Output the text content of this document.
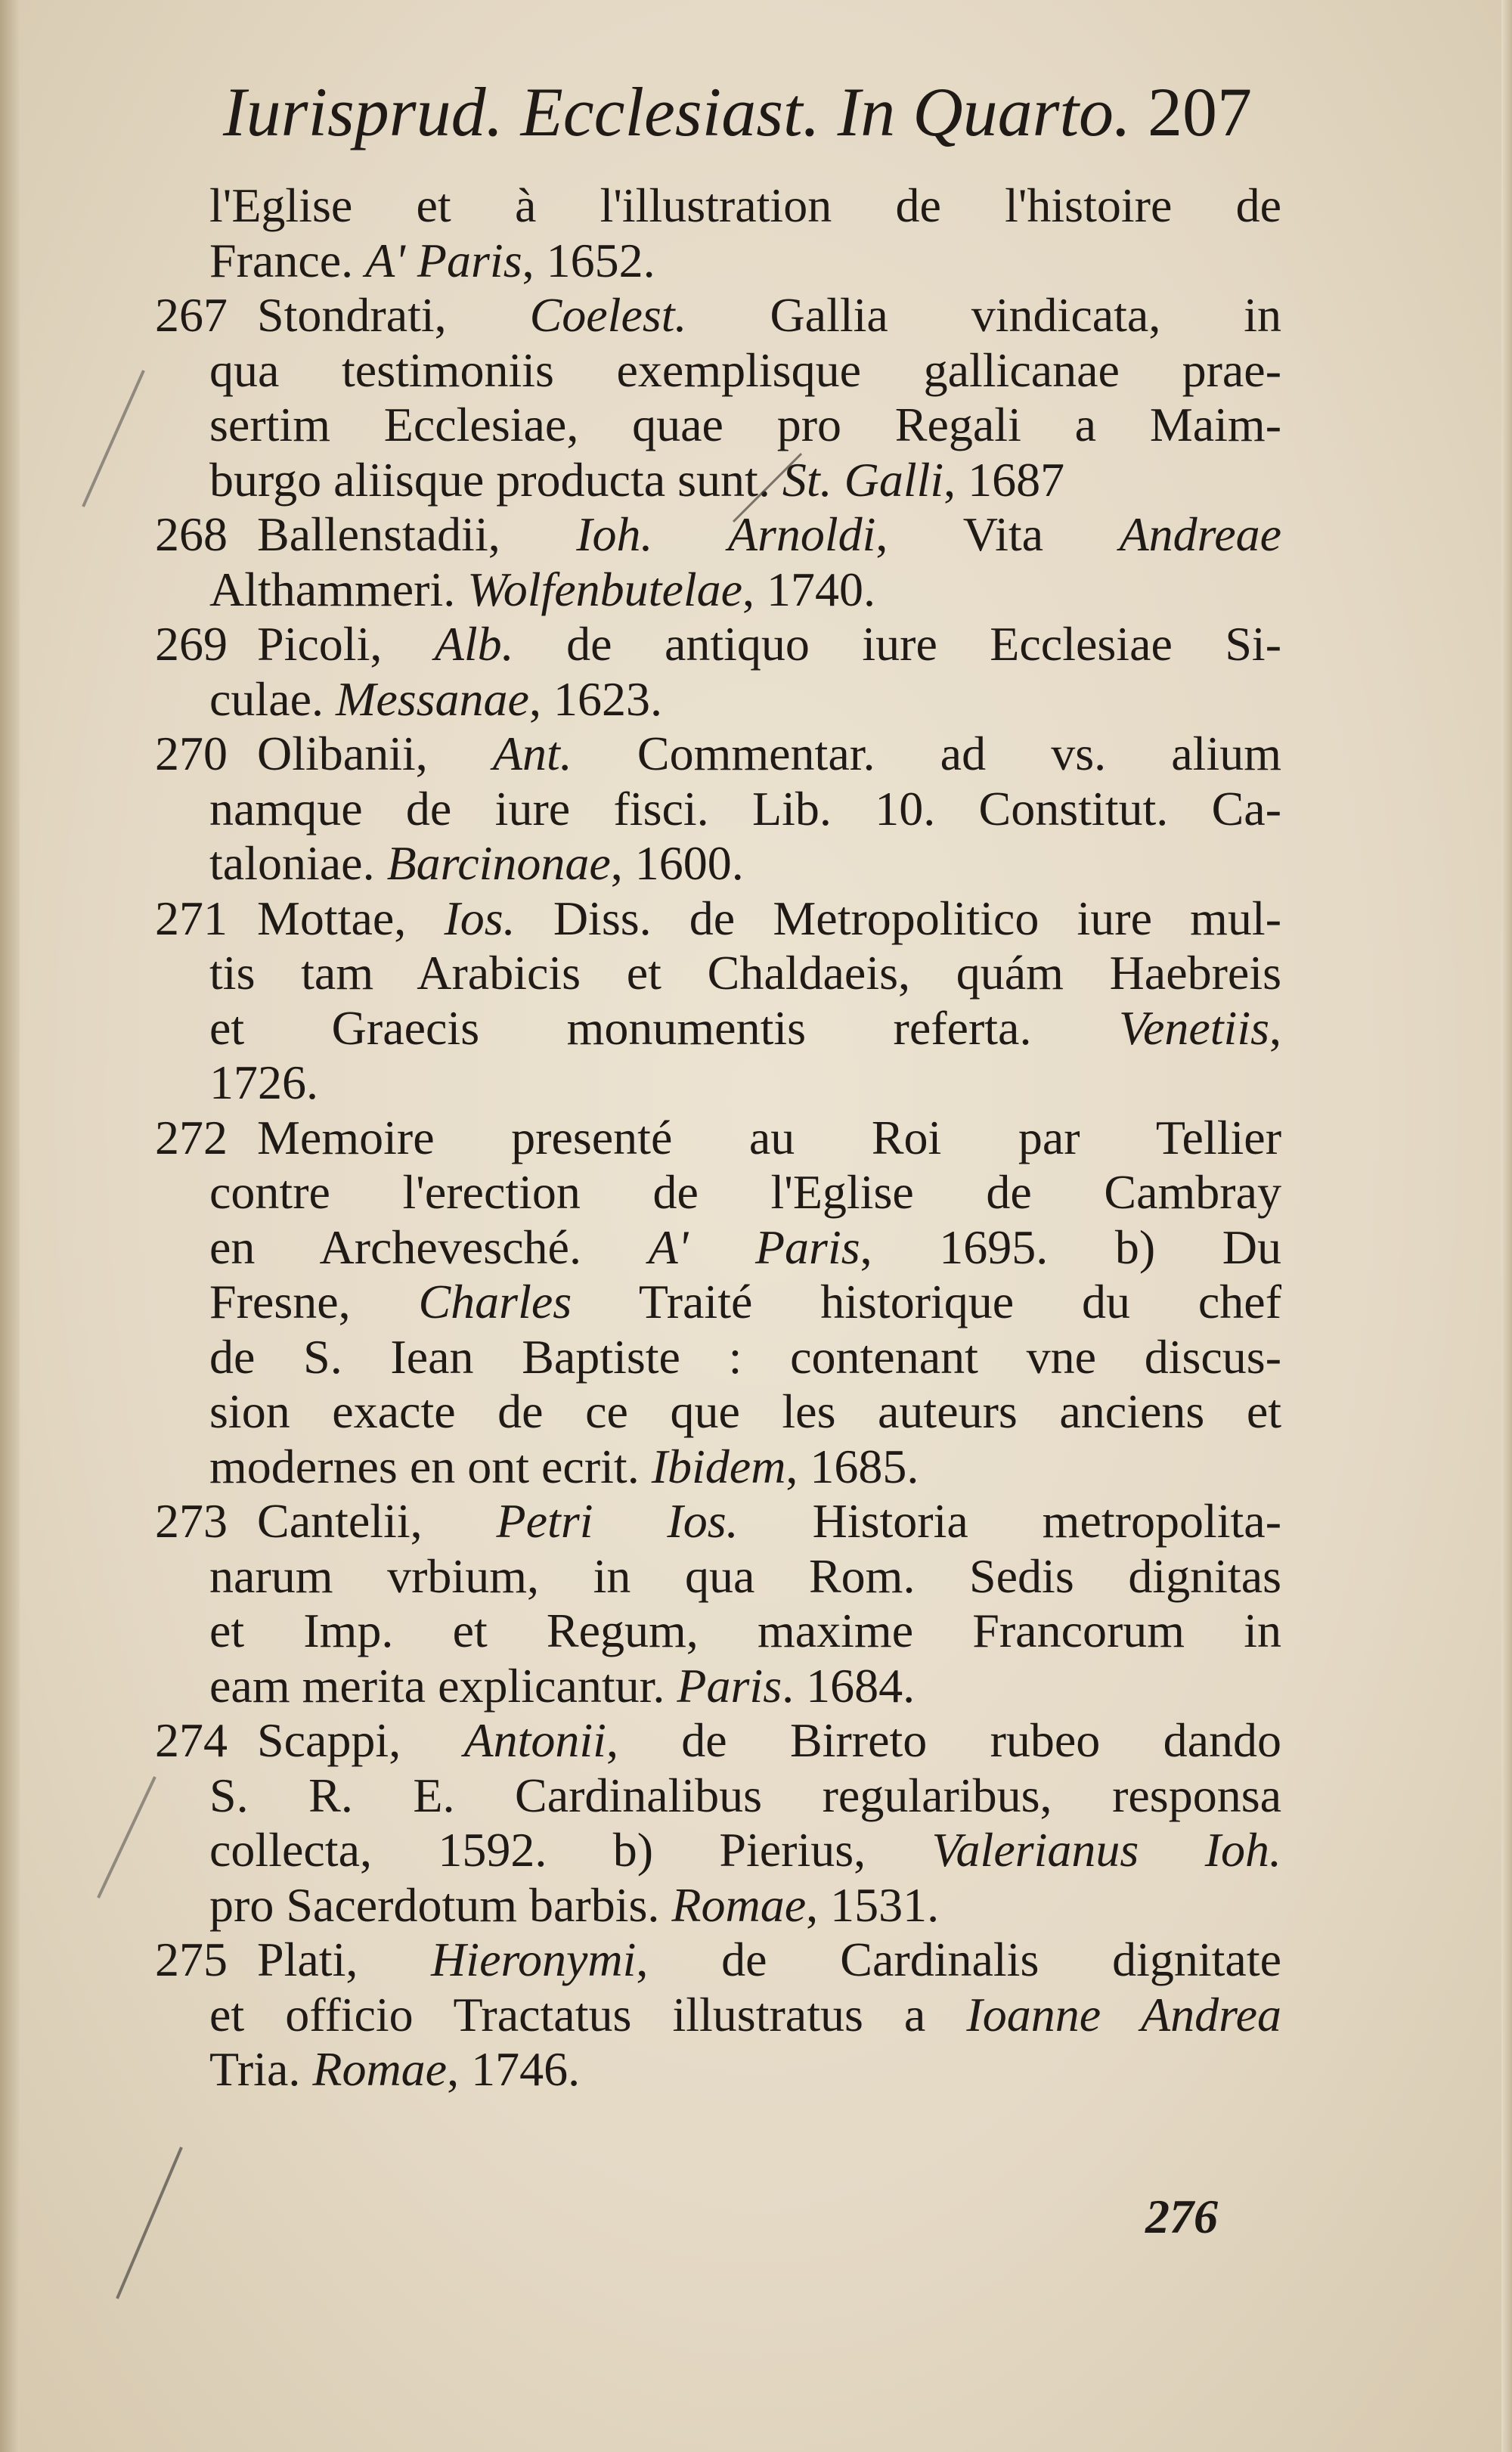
Iurisprud. Ecclesiast. In Quarto. 207
l'Eglise et à l'illustration de l'histoire de
France. A' Paris, 1652.
267 Stondrati, Coelest. Gallia vindicata, in
qua testimoniis exemplisque gallicanae prae-
sertim Ecclesiae, quae pro Regali a Maim-
burgo aliisque producta sunt. St. Galli, 1687
268 Ballenstadii, Ioh. Arnoldi, Vita Andreae
Althammeri. Wolfenbutelae, 1740.
269 Picoli, Alb. de antiquo iure Ecclesiae Si-
culae. Messanae, 1623.
270 Olibanii, Ant. Commentar. ad vs. alium
namque de iure fisci. Lib. 10. Constitut. Ca-
taloniae. Barcinonae, 1600.
271 Mottae, Ios. Diss. de Metropolitico iure mul-
tis tam Arabicis et Chaldaeis, quám Haebreis
et Graecis monumentis referta. Venetiis,
1726.
272 Memoire presenté au Roi par Tellier
contre l'erection de l'Eglise de Cambray
en Archevesché. A' Paris, 1695. b) Du
Fresne, Charles Traité historique du chef
de S. Iean Baptiste : contenant vne discus-
sion exacte de ce que les auteurs anciens et
modernes en ont ecrit. Ibidem, 1685.
273 Cantelii, Petri Ios. Historia metropolita-
narum vrbium, in qua Rom. Sedis dignitas
et Imp. et Regum, maxime Francorum in
eam merita explicantur. Paris. 1684.
274 Scappi, Antonii, de Birreto rubeo dando
S. R. E. Cardinalibus regularibus, responsa
collecta, 1592. b) Pierius, Valerianus Ioh.
pro Sacerdotum barbis. Romae, 1531.
275 Plati, Hieronymi, de Cardinalis dignitate
et officio Tractatus illustratus a Ioanne Andrea
Tria. Romae, 1746.
276
